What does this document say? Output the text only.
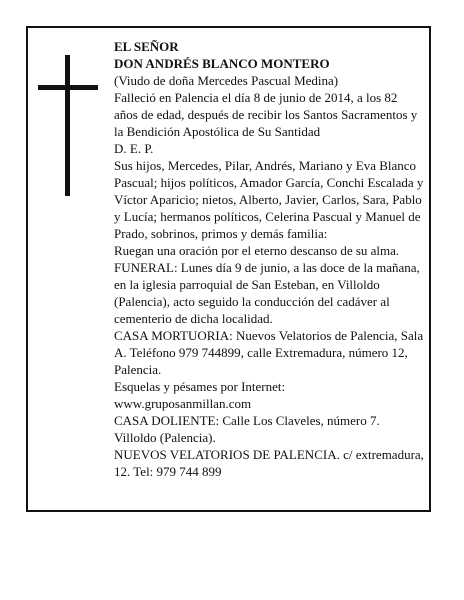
EL SEÑOR
DON ANDRÉS BLANCO MONTERO
(Viudo de doña Mercedes Pascual Medina)
Falleció en Palencia el día 8 de junio de 2014, a los 82 años de edad, después de recibir los Santos Sacramentos y la Bendición Apostólica de Su Santidad
D. E. P.
Sus hijos, Mercedes, Pilar, Andrés, Mariano y Eva Blanco Pascual; hijos políticos, Amador García, Conchi Escalada y Víctor Aparicio; nietos, Alberto, Javier, Carlos, Sara, Pablo y Lucía; hermanos políticos, Celerina Pascual y Manuel de Prado, sobrinos, primos y demás familia:
Ruegan una oración por el eterno descanso de su alma.
FUNERAL: Lunes día 9 de junio, a las doce de la mañana, en la iglesia parroquial de San Esteban, en Villoldo (Palencia), acto seguido la conducción del cadáver al cementerio de dicha localidad.
CASA MORTUORIA: Nuevos Velatorios de Palencia, Sala A. Teléfono 979 744899, calle Extremadura, número 12, Palencia.
Esquelas y pésames por Internet:
www.gruposanmillan.com
CASA DOLIENTE: Calle Los Claveles, número 7. Villoldo (Palencia).
NUEVOS VELATORIOS DE PALENCIA. c/ extremadura, 12. Tel: 979 744 899
